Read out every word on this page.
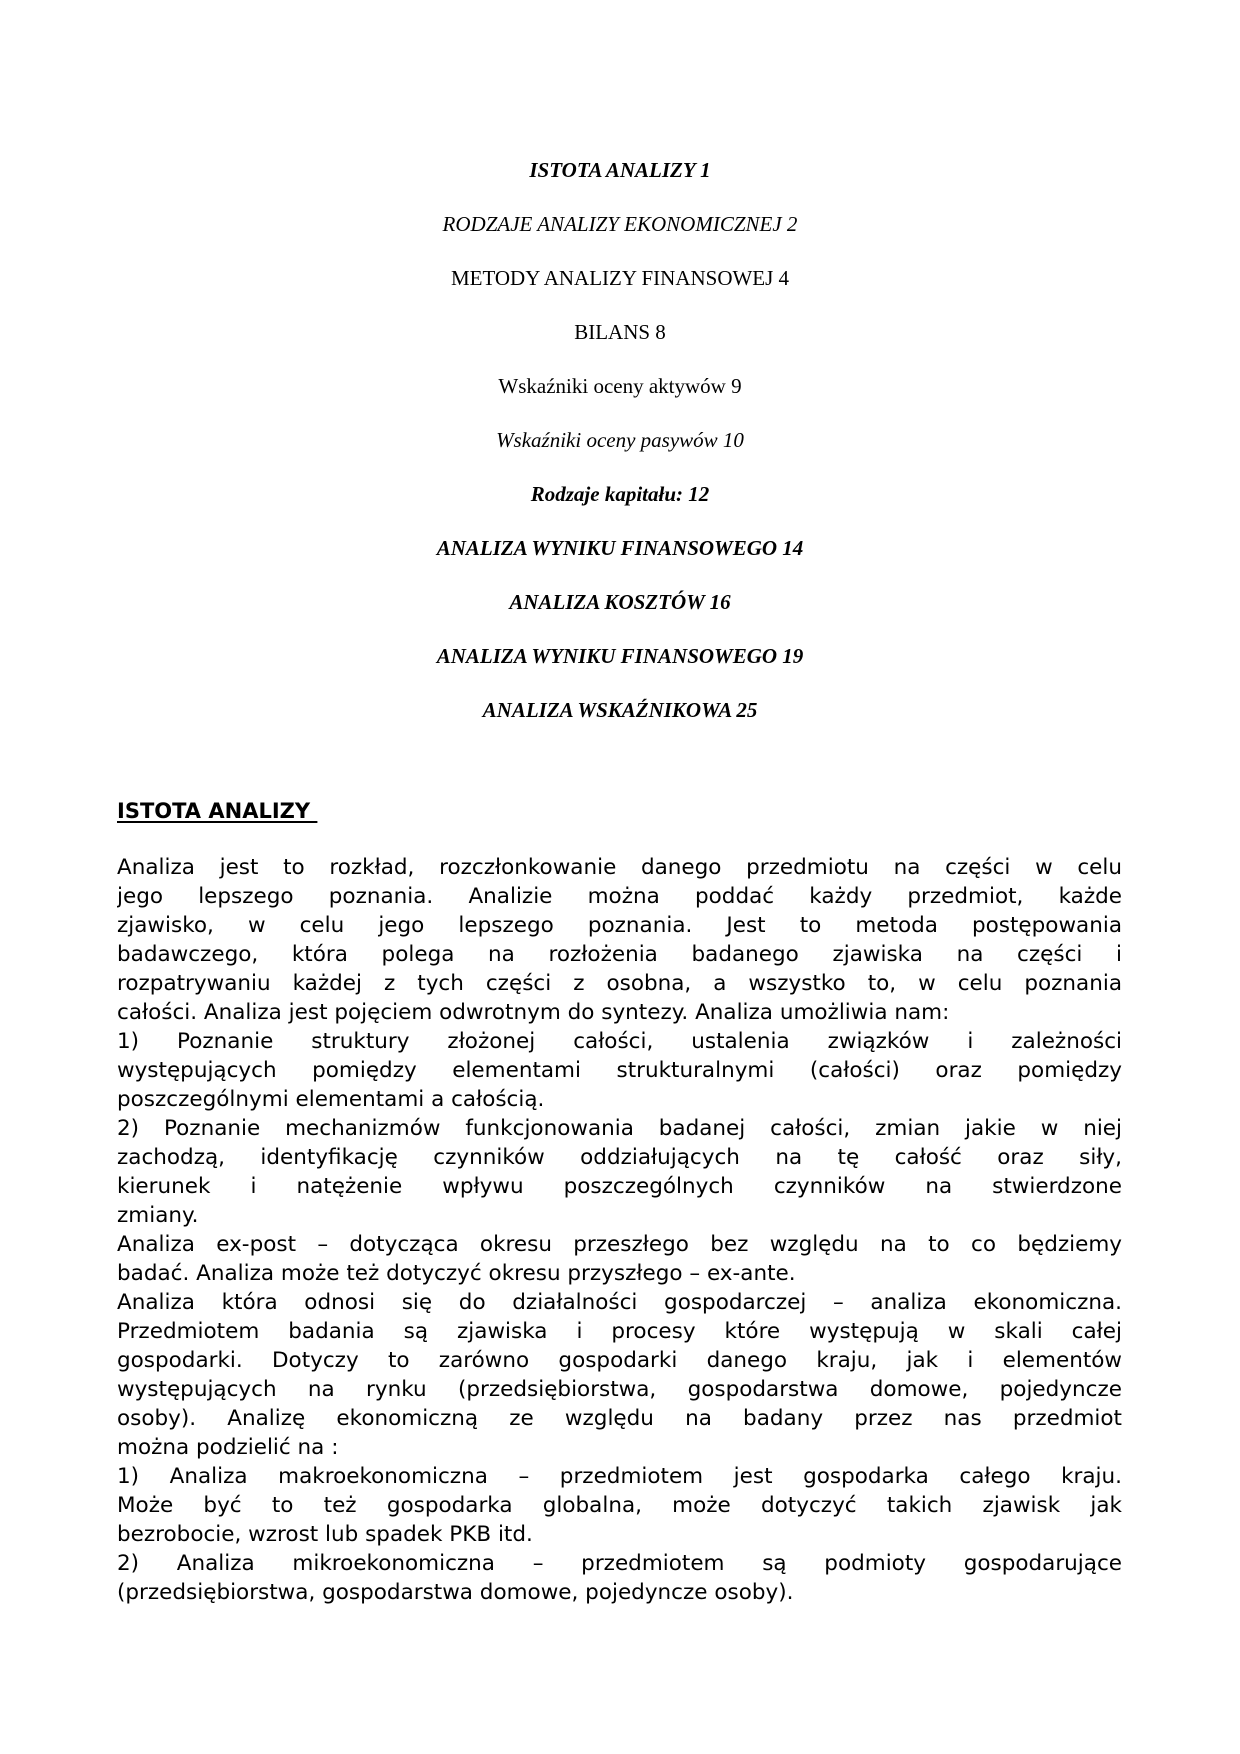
ISTOTA ANALIZY 1
RODZAJE ANALIZY EKONOMICZNEJ 2
METODY ANALIZY FINANSOWEJ 4
BILANS 8
Wskaźniki oceny aktywów 9
Wskaźniki oceny pasywów 10
Rodzaje kapitału: 12
ANALIZA WYNIKU FINANSOWEGO 14
ANALIZA KOSZTÓW 16
ANALIZA WYNIKU FINANSOWEGO 19
ANALIZA WSKAŹNIKOWA 25
ISTOTA ANALIZY
Analiza jest to rozkład, rozczłonkowanie danego przedmiotu na części w celu
jego lepszego poznania. Analizie można poddać każdy przedmiot, każde
zjawisko, w celu jego lepszego poznania. Jest to metoda postępowania
badawczego, która polega na rozłożenia badanego zjawiska na części i
rozpatrywaniu każdej z tych części z osobna, a wszystko to, w celu poznania
całości. Analiza jest pojęciem odwrotnym do syntezy. Analiza umożliwia nam:
1) Poznanie struktury złożonej całości, ustalenia związków i zależności
występujących pomiędzy elementami strukturalnymi (całości) oraz pomiędzy
poszczególnymi elementami a całością.
2) Poznanie mechanizmów funkcjonowania badanej całości, zmian jakie w niej
zachodzą, identyfikację czynników oddziałujących na tę całość oraz siły,
kierunek i natężenie wpływu poszczególnych czynników na stwierdzone
zmiany.
Analiza ex-post – dotycząca okresu przeszłego bez względu na to co będziemy
badać. Analiza może też dotyczyć okresu przyszłego – ex-ante.
Analiza która odnosi się do działalności gospodarczej – analiza ekonomiczna.
Przedmiotem badania są zjawiska i procesy które występują w skali całej
gospodarki. Dotyczy to zarówno gospodarki danego kraju, jak i elementów
występujących na rynku (przedsiębiorstwa, gospodarstwa domowe, pojedyncze
osoby). Analizę ekonomiczną ze względu na badany przez nas przedmiot
można podzielić na :
1) Analiza makroekonomiczna – przedmiotem jest gospodarka całego kraju.
Może być to też gospodarka globalna, może dotyczyć takich zjawisk jak
bezrobocie, wzrost lub spadek PKB itd.
2) Analiza mikroekonomiczna – przedmiotem są podmioty gospodarujące
(przedsiębiorstwa, gospodarstwa domowe, pojedyncze osoby).
